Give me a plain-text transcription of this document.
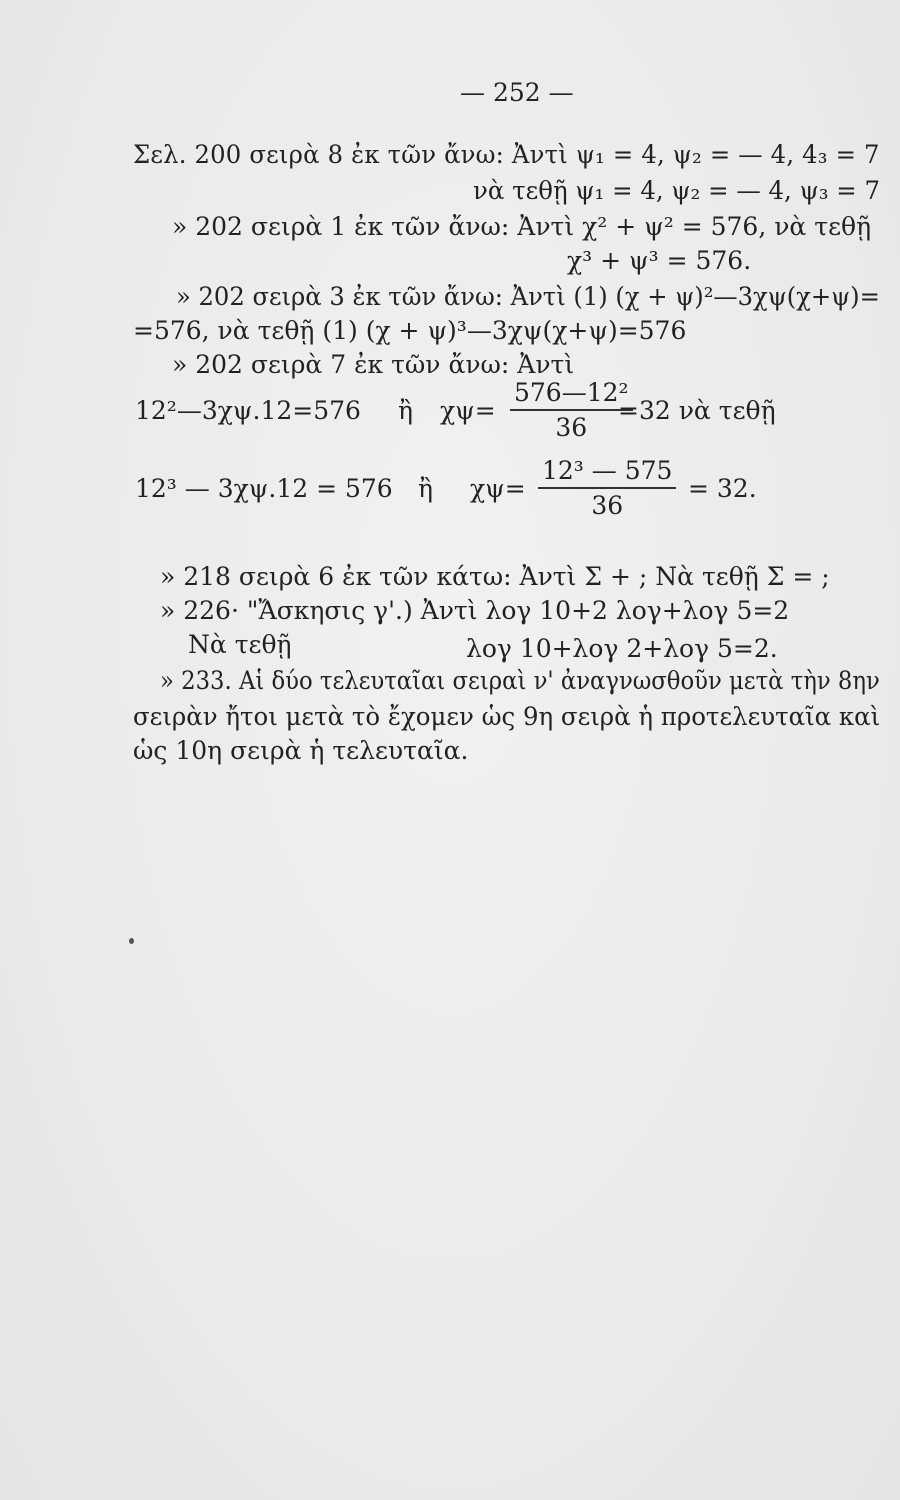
— 252 —
Σελ. 200 σειρὰ 8 ἐκ τῶν ἄνω: Ἀντὶ ψ₁ = 4, ψ₂ = — 4, 4₃ = 7
νὰ τεθῇ ψ₁ = 4, ψ₂ = — 4, ψ₃ = 7
» 202 σειρὰ 1 ἐκ τῶν ἄνω: Ἀντὶ χ² + ψ² = 576, νὰ τεθῇ
χ³ + ψ³ = 576.
» 202 σειρὰ 3 ἐκ τῶν ἄνω: Ἀντὶ (1) (χ + ψ)²—3χψ(χ+ψ)=
=576, νὰ τεθῇ (1) (χ + ψ)³—3χψ(χ+ψ)=576
» 202 σειρὰ 7 ἐκ τῶν ἄνω: Ἀντὶ
12²—3χψ.12=576 ἢ $\chi\psi= \frac{\text{576—12²}}{36}$
=32 νὰ τεθῇ
12³ — 3χψ.12 = 576 ἢ $\chi\psi= \frac{\text{12³ — 575}}{36} = 32$.
» 218 σειρὰ 6 ἐκ τῶν κάτω: Ἀντὶ Σ + ; Νὰ τεθῇ Σ = ;
» 226· "Ἄσκησις γ'.) Ἀντὶ λογ 10+2 λογ+λογ 5=2
Νὰ τεθῇ	λογ 10+λογ 2+λογ 5=2.
» 233. Αἱ δύο τελευταῖαι σειραὶ ν' ἀναγνωσθοῦν μετὰ τὴν 8ην
σειρὰν ἤτοι μετὰ τὸ ἔχομεν ὡς 9η σειρὰ ἡ προτελευταῖα καὶ
ὡς 10η σειρὰ ἡ τελευταῖα.
